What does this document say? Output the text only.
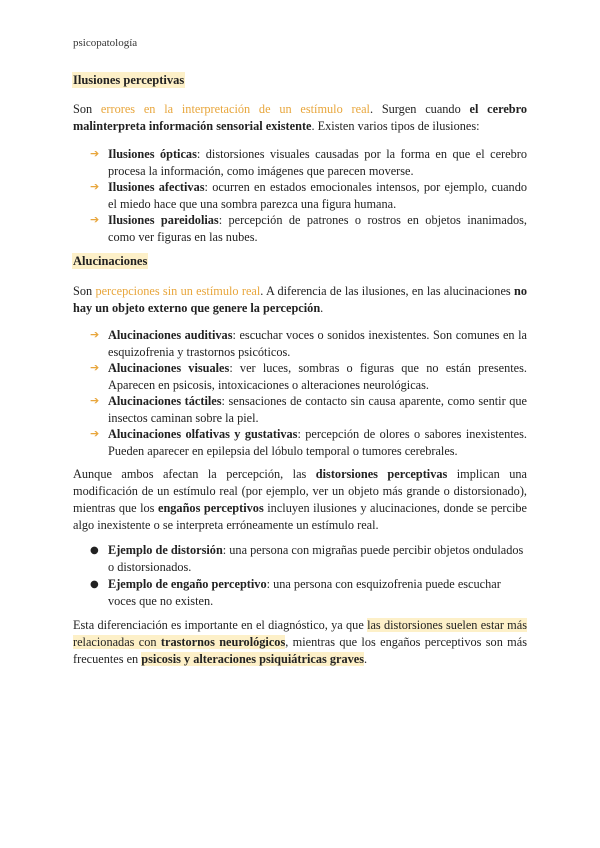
psicopatología
Ilusiones perceptivas
Son errores en la interpretación de un estímulo real. Surgen cuando el cerebro malinterpreta información sensorial existente. Existen varios tipos de ilusiones:
➔ Ilusiones ópticas: distorsiones visuales causadas por la forma en que el cerebro procesa la información, como imágenes que parecen moverse.
➔ Ilusiones afectivas: ocurren en estados emocionales intensos, por ejemplo, cuando el miedo hace que una sombra parezca una figura humana.
➔ Ilusiones pareidolias: percepción de patrones o rostros en objetos inanimados, como ver figuras en las nubes.
Alucinaciones
Son percepciones sin un estímulo real. A diferencia de las ilusiones, en las alucinaciones no hay un objeto externo que genere la percepción.
➔ Alucinaciones auditivas: escuchar voces o sonidos inexistentes. Son comunes en la esquizofrenia y trastornos psicóticos.
➔ Alucinaciones visuales: ver luces, sombras o figuras que no están presentes. Aparecen en psicosis, intoxicaciones o alteraciones neurológicas.
➔ Alucinaciones táctiles: sensaciones de contacto sin causa aparente, como sentir que insectos caminan sobre la piel.
➔ Alucinaciones olfativas y gustativas: percepción de olores o sabores inexistentes. Pueden aparecer en epilepsia del lóbulo temporal o tumores cerebrales.
Aunque ambos afectan la percepción, las distorsiones perceptivas implican una modificación de un estímulo real (por ejemplo, ver un objeto más grande o distorsionado), mientras que los engaños perceptivos incluyen ilusiones y alucinaciones, donde se percibe algo inexistente o se interpreta erróneamente un estímulo real.
● Ejemplo de distorsión: una persona con migrañas puede percibir objetos ondulados o distorsionados.
● Ejemplo de engaño perceptivo: una persona con esquizofrenia puede escuchar voces que no existen.
Esta diferenciación es importante en el diagnóstico, ya que las distorsiones suelen estar más relacionadas con trastornos neurológicos, mientras que los engaños perceptivos son más frecuentes en psicosis y alteraciones psiquiátricas graves.
